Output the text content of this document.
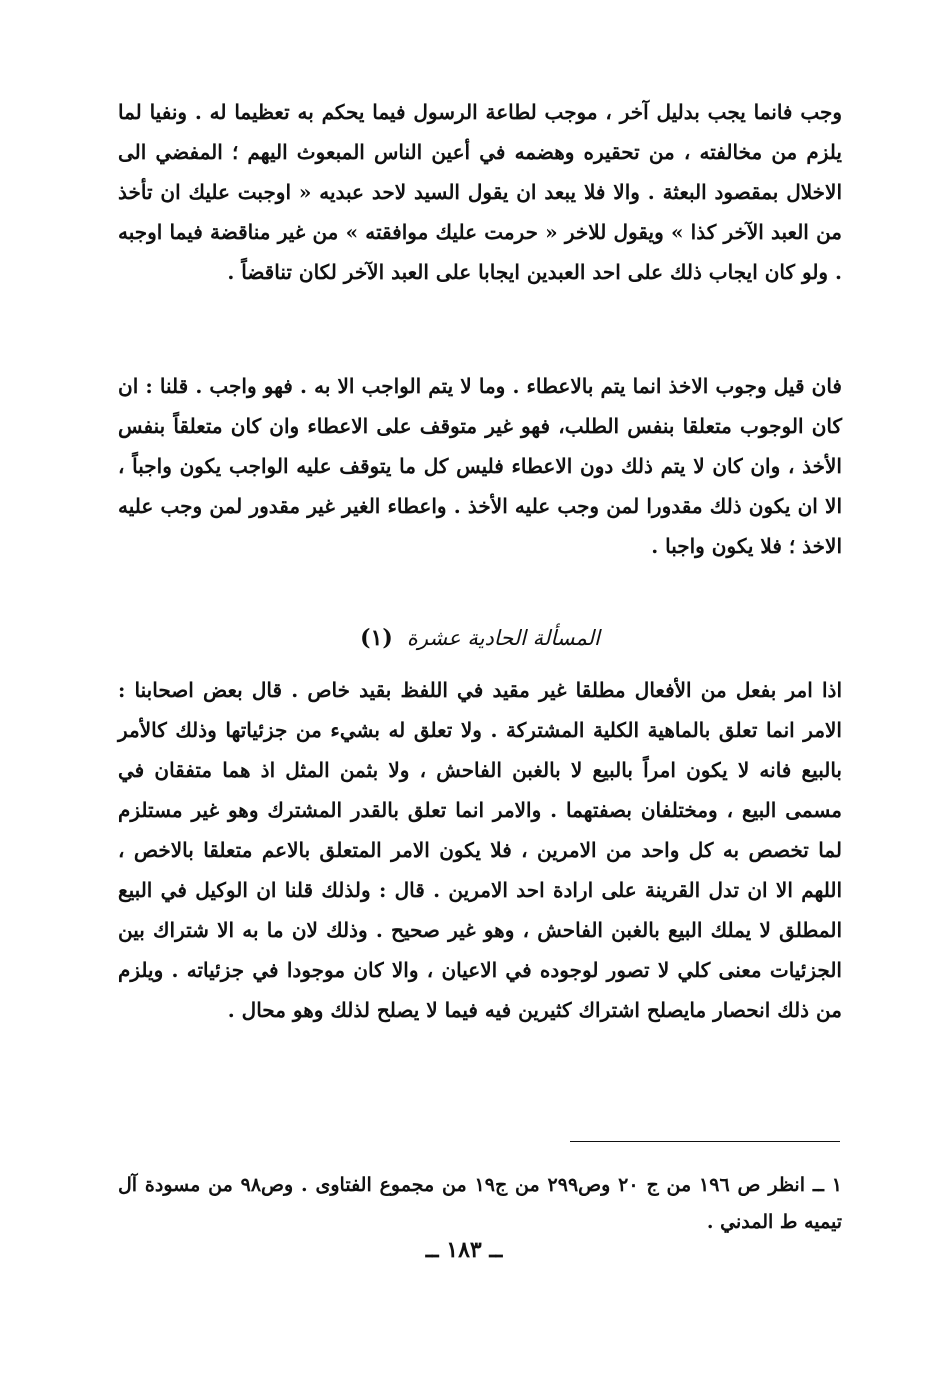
وجب فانما يجب بدليل آخر ، موجب لطاعة الرسول فيما يحكم به تعظيما له . ونفيا لما يلزم من مخالفته ، من تحقيره وهضمه في أعين الناس المبعوث اليهم ؛ المفضي الى الاخلال بمقصود البعثة . والا فلا يبعد ان يقول السيد لاحد عبديه « اوجبت عليك ان تأخذ من العبد الآخر كذا » ويقول للاخر « حرمت عليك موافقته » من غير مناقضة فيما اوجبه . ولو كان ايجاب ذلك على احد العبدين ايجابا على العبد الآخر لكان تناقضاً .

فان قيل وجوب الاخذ انما يتم بالاعطاء . وما لا يتم الواجب الا به . فهو واجب . قلنا : ان كان الوجوب متعلقا بنفس الطلب، فهو غير متوقف على الاعطاء وان كان متعلقاً بنفس الأخذ ، وان كان لا يتم ذلك دون الاعطاء فليس كل ما يتوقف عليه الواجب يكون واجباً ، الا ان يكون ذلك مقدورا لمن وجب عليه الأخذ . واعطاء الغير غير مقدور لمن وجب عليه الاخذ ؛ فلا يكون واجبا .

المسألة الحادية عشرة
(١)

اذا امر بفعل من الأفعال مطلقا غير مقيد في اللفظ بقيد خاص . قال بعض اصحابنا : الامر انما تعلق بالماهية الكلية المشتركة . ولا تعلق له بشيء من جزئياتها وذلك كالأمر بالبيع فانه لا يكون امراً بالبيع لا بالغبن الفاحش ، ولا بثمن المثل اذ هما متفقان في مسمى البيع ، ومختلفان بصفتهما . والامر انما تعلق بالقدر المشترك وهو غير مستلزم لما تخصص به كل واحد من الامرين ، فلا يكون الامر المتعلق بالاعم متعلقا بالاخص ، اللهم الا ان تدل القرينة على ارادة احد الامرين . قال : ولذلك قلنا ان الوكيل في البيع المطلق لا يملك البيع بالغبن الفاحش ، وهو غير صحيح . وذلك لان ما به الا شتراك بين الجزئيات معنى كلي لا تصور لوجوده في الاعيان ، والا كان موجودا في جزئياته . ويلزم من ذلك انحصار مايصلح اشتراك كثيرين فيه فيما لا يصلح لذلك وهو محال .

١ ــ انظر ص ١٩٦ من ج ٢٠ وص٢٩٩ من ج١٩ من مجموع الفتاوى . وص٩٨ من مسودة آل تيميه ط المدني .

ــ ١٨٣ ــ
